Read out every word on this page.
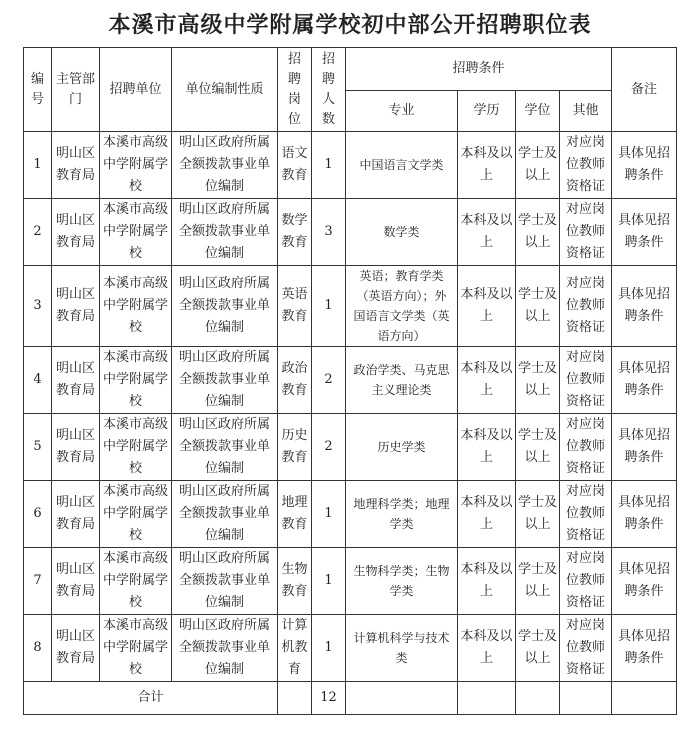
本溪市高级中学附属学校初中部公开招聘职位表
编号	主管部门	招聘单位	单位编制性质	招聘岗位	招聘人数	招聘条件				备注
						专业	学历	学位	其他	
1	明山区教育局	本溪市高级中学附属学校	明山区政府所属全额拨款事业单位编制	语文教育	1	中国语言文学类	本科及以上	学士及以上	对应岗位教师资格证	具体见招聘条件
2	明山区教育局	本溪市高级中学附属学校	明山区政府所属全额拨款事业单位编制	数学教育	3	数学类	本科及以上	学士及以上	对应岗位教师资格证	具体见招聘条件
3	明山区教育局	本溪市高级中学附属学校	明山区政府所属全额拨款事业单位编制	英语教育	1	英语；教育学类（英语方向）；外国语言文学类（英语方向）	本科及以上	学士及以上	对应岗位教师资格证	具体见招聘条件
4	明山区教育局	本溪市高级中学附属学校	明山区政府所属全额拨款事业单位编制	政治教育	2	政治学类、马克思主义理论类	本科及以上	学士及以上	对应岗位教师资格证	具体见招聘条件
5	明山区教育局	本溪市高级中学附属学校	明山区政府所属全额拨款事业单位编制	历史教育	2	历史学类	本科及以上	学士及以上	对应岗位教师资格证	具体见招聘条件
6	明山区教育局	本溪市高级中学附属学校	明山区政府所属全额拨款事业单位编制	地理教育	1	地理科学类；地理学类	本科及以上	学士及以上	对应岗位教师资格证	具体见招聘条件
7	明山区教育局	本溪市高级中学附属学校	明山区政府所属全额拨款事业单位编制	生物教育	1	生物科学类；生物学类	本科及以上	学士及以上	对应岗位教师资格证	具体见招聘条件
8	明山区教育局	本溪市高级中学附属学校	明山区政府所属全额拨款事业单位编制	计算机教育	1	计算机科学与技术类	本科及以上	学士及以上	对应岗位教师资格证	具体见招聘条件
合计					12					
